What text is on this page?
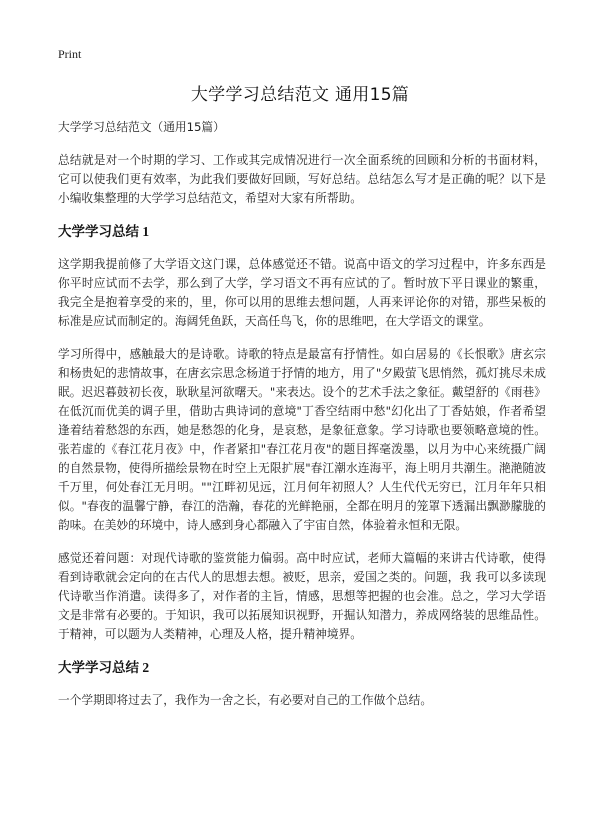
Print
大学学习总结范文 通用15篇

大学学习总结范文（通用15篇）

总结就是对一个时期的学习、工作或其完成情况进行一次全面系统的回顾和分析的书面材料，它可以使我们更有效率，为此我们要做好回顾，写好总结。总结怎么写才是正确的呢？以下是小编收集整理的大学学习总结范文，希望对大家有所帮助。

大学学习总结 1

这学期我提前修了大学语文这门课，总体感觉还不错。说高中语文的学习过程中，许多东西是你平时应试而不去学，那么到了大学，学习语文不再有应试的了。暂时放下平日课业的繁重，我完全是抱着享受的来的，里，你可以用的思维去想问题，人再来评论你的对错，那些呆板的标准是应试而制定的。海阔凭鱼跃，天高任鸟飞，你的思维吧，在大学语文的课堂。

学习所得中，感触最大的是诗歌。诗歌的特点是最富有抒情性。如白居易的《长恨歌》唐玄宗和杨贵妃的悲情故事，在唐玄宗思念杨道于抒情的地方，用了"夕殿萤飞思悄然，孤灯挑尽未成眠。迟迟暮鼓初长夜，耿耿星河欲曙天。"来表达。设个的艺术手法之象征。戴望舒的《雨巷》在低沉而优美的调子里，借助古典诗词的意境"丁香空结雨中愁"幻化出了丁香姑娘，作者希望逢着结着愁怨的东西，她是愁怨的化身，是哀愁，是象征意象。学习诗歌也要领略意境的性。张若虚的《春江花月夜》中，作者紧扣"春江花月夜"的题目挥毫泼墨，以月为中心来统摄广阔的自然景物，使得所描绘景物在时空上无限扩展"春江潮水连海平，海上明月共潮生。滟滟随波千万里，何处春江无月明。""江畔初见远，江月何年初照人？人生代代无穷已，江月年年只相似。"春夜的温馨宁静，春江的浩瀚，春花的光鲜艳丽，全都在明月的笼罩下透漏出飘渺朦胧的韵味。在美妙的环境中，诗人感到身心都融入了宇宙自然，体验着永恒和无限。

感觉还着问题：对现代诗歌的鉴赏能力偏弱。高中时应试，老师大篇幅的来讲古代诗歌，使得看到诗歌就会定向的在古代人的思想去想。被贬，思亲，爱国之类的。问题，我 我可以多读现代诗歌当作消遣。读得多了，对作者的主旨，情感，思想等把握的也会准。总之，学习大学语文是非常有必要的。于知识，我可以拓展知识视野，开掘认知潜力，养成网络装的思维品性。于精神，可以题为人类精神，心理及人格，提升精神境界。

大学学习总结 2

一个学期即将过去了，我作为一舍之长，有必要对自己的工作做个总结。
